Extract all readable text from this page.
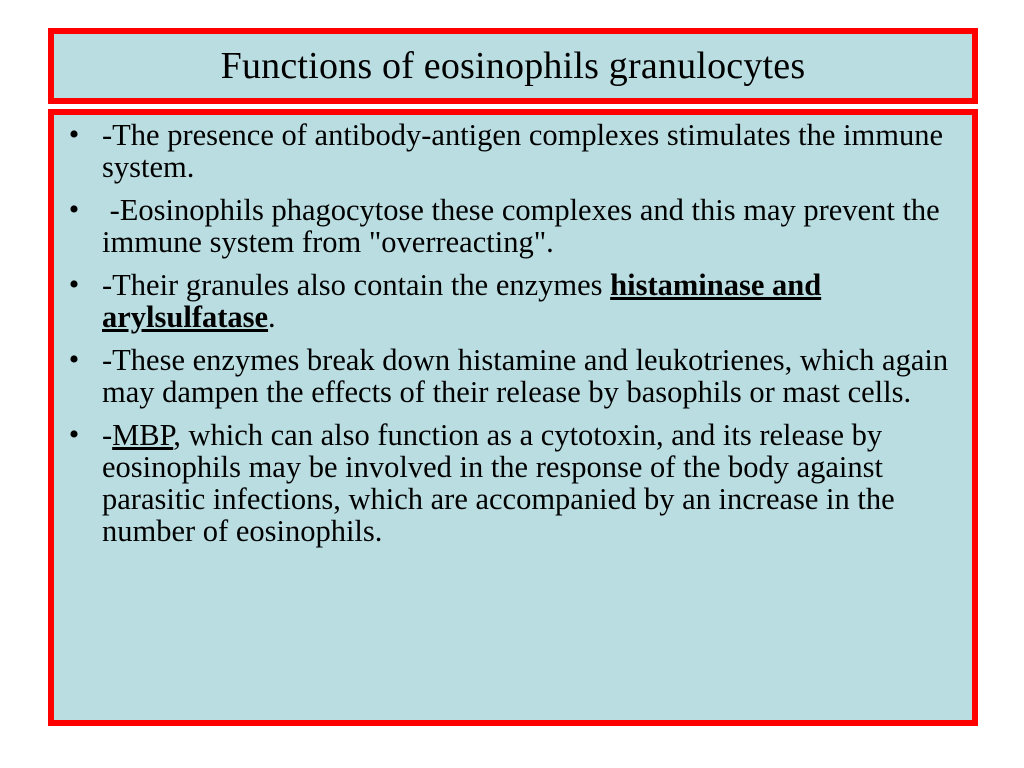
Functions of eosinophils granulocytes
• -The presence of antibody-antigen complexes stimulates the immune system.
• -Eosinophils phagocytose these complexes and this may prevent the immune system from "overreacting".
• -Their granules also contain the enzymes histaminase and arylsulfatase.
• -These enzymes break down histamine and leukotrienes, which again may dampen the effects of their release by basophils or mast cells.
• -MBP, which can also function as a cytotoxin, and its release by eosinophils may be involved in the response of the body against parasitic infections, which are accompanied by an increase in the number of eosinophils.
